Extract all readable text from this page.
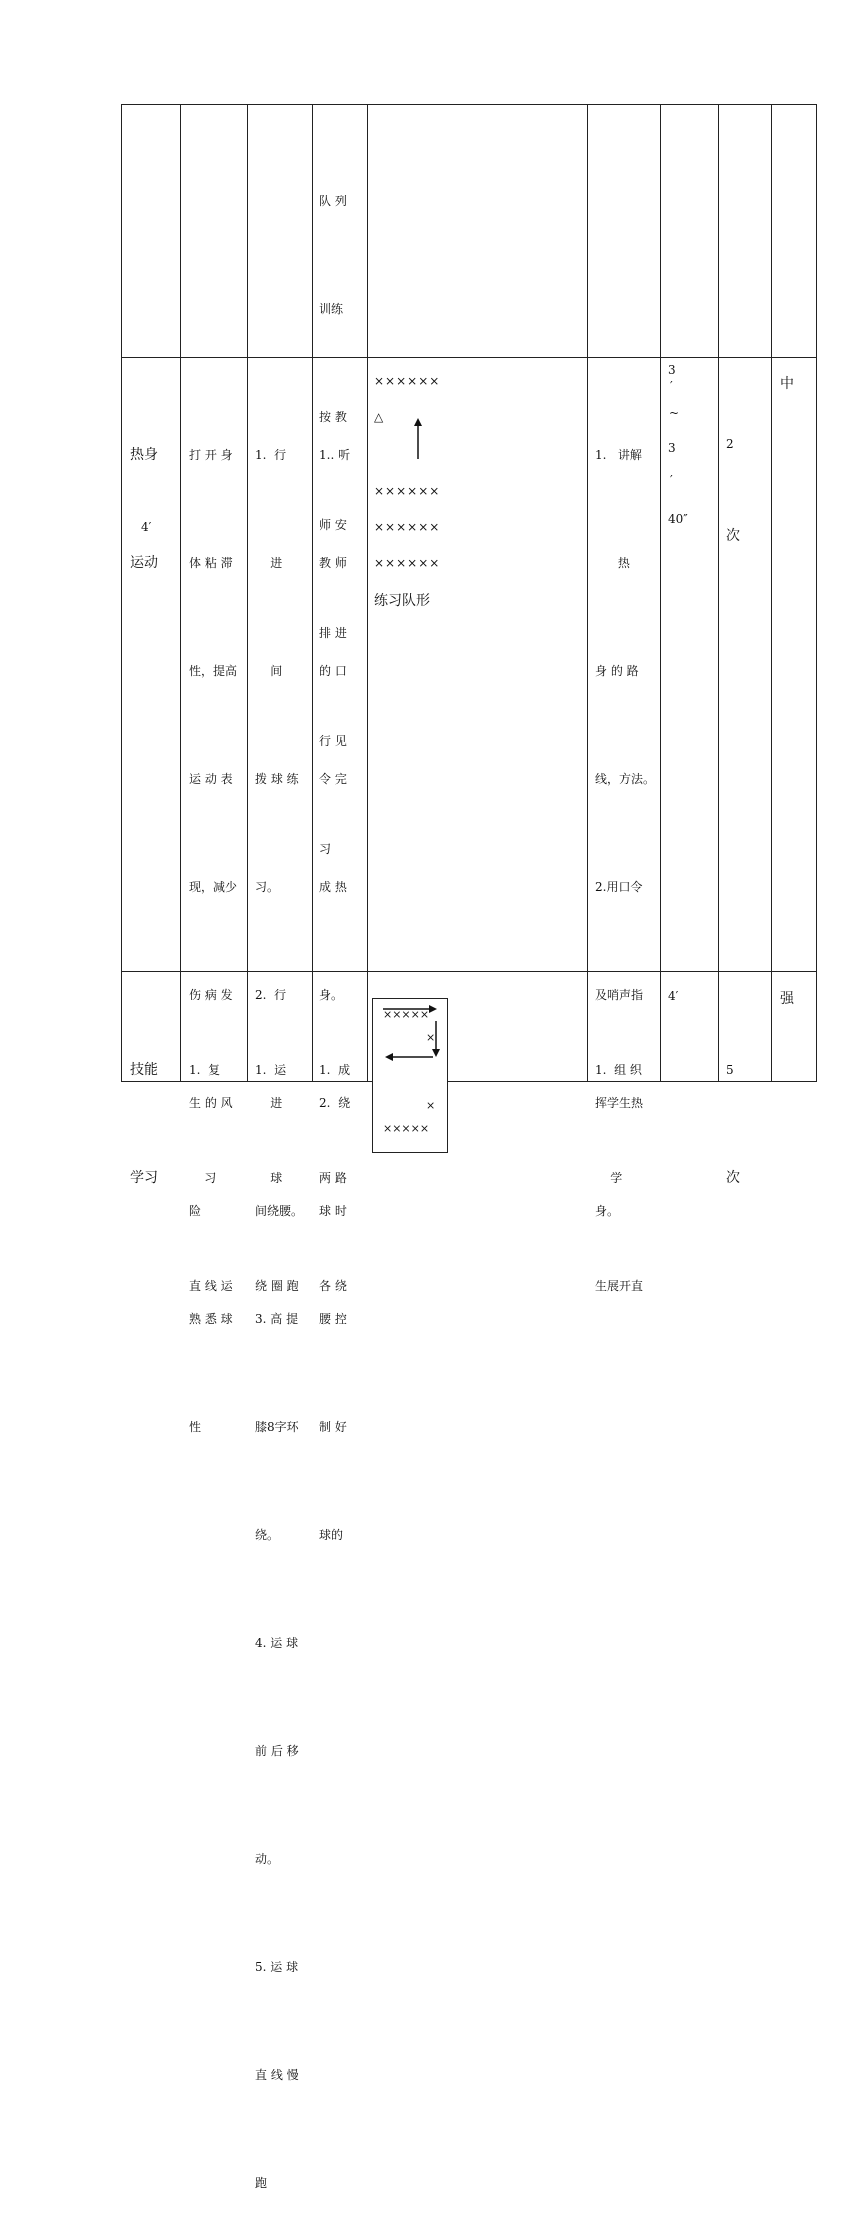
队 列

训练

按 教

师 安

排 进

行 见

习

热身

运动

4′

打 开 身

体 粘 滞

性，提高

运 动 表

现，减少

伤 病 发

生 的 风

险

熟 悉 球

性

1.  行

进

间

拨 球 练

习。

2.  行

进

间绕腰。

3. 高 提

膝8字环

绕。

4. 运 球

前 后 移

动。

5. 运 球

直 线 慢

跑

1.. 听

教 师

的 口

令 完

成 热

身。

2.  绕

球 时

腰 控

制 好

球的

××××××
△
××××××
××××××
××××××
练习队形

1.   讲解

热

身 的 路

线，方法。

2.用口令

及哨声指

挥学生热

身。

3
′
~
3
′
40″

2

次

中

技能

学习

1.  复

习

直 线 运

1.  运

球

绕 圈 跑

1.  成

两 路

各 绕

×××××
×
×
×××××

1.  组 织

学

生展开直

4′

5

次

强
